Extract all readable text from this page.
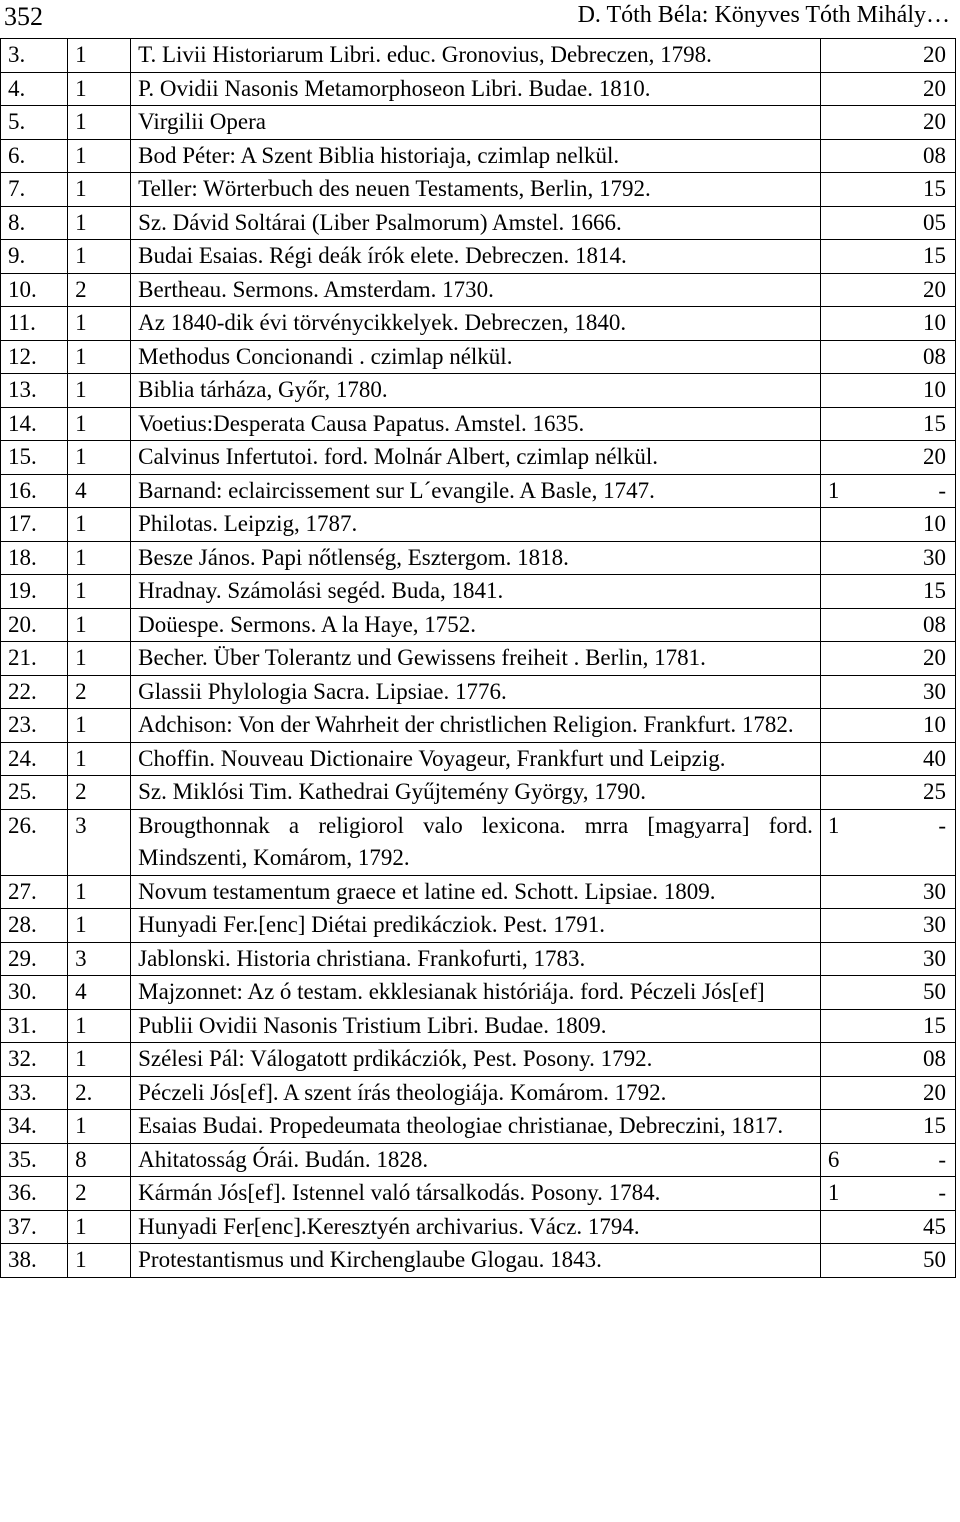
352	D. Tóth Béla: Könyves Tóth Mihály…
3.	1	T. Livii Historiarum Libri. educ. Gronovius, Debreczen, 1798.	20

4.	1	P. Ovidii Nasonis Metamorphoseon Libri. Budae. 1810.	20

5.	1	Virgilii Opera	20

6.	1	Bod Péter: A Szent Biblia historiaja, czimlap nelkül.	08

7.	1	Teller: Wörterbuch des neuen Testaments, Berlin, 1792.	15

8.	1	Sz. Dávid Soltárai (Liber Psalmorum) Amstel. 1666.	05

9.	1	Budai Esaias. Régi deák írók elete. Debreczen. 1814.	15

10.	2	Bertheau. Sermons. Amsterdam. 1730.	20

11.	1	Az 1840-dik évi törvénycikkelyek. Debreczen, 1840.	10

12.	1	Methodus Concionandi . czimlap nélkül.	08

13.	1	Biblia tárháza, Győr, 1780.	10

14.	1	Voetius:Desperata Causa Papatus. Amstel. 1635.	15

15.	1	Calvinus Infertutoi. ford. Molnár Albert, czimlap nélkül.	20

16.	4	Barnand: eclaircissement sur L´evangile. A Basle, 1747.	1 -

17.	1	Philotas. Leipzig, 1787.	10

18.	1	Besze János. Papi nőtlenség, Esztergom. 1818.	30

19.	1	Hradnay. Számolási segéd. Buda, 1841.	15

20.	1	Doüespe. Sermons. A la Haye, 1752.	08

21.	1	Becher. Über Tolerantz und Gewissens freiheit . Berlin, 1781.	20

22.	2	Glassii Phylologia Sacra. Lipsiae. 1776.	30

23.	1	Adchison: Von der Wahrheit der christlichen Religion. Frankfurt. 1782.	10

24.	1	Choffin. Nouveau Dictionaire Voyageur, Frankfurt und Leipzig.	40

25.	2	Sz. Miklósi Tim. Kathedrai Gyűjtemény György, 1790.	25

26.	3	Brougthonnak a religiorol valo lexicona. mrra [magyarra] ford. Mindszenti, Komárom, 1792.	1 -

27.	1	Novum testamentum graece et latine ed. Schott. Lipsiae. 1809.	30

28.	1	Hunyadi Fer.[enc] Diétai predikácziok. Pest. 1791.	30

29.	3	Jablonski. Historia christiana. Frankofurti, 1783.	30

30.	4	Majzonnet: Az ó testam. ekklesianak históriája. ford. Péczeli Jós[ef]	50

31.	1	Publii Ovidii Nasonis Tristium Libri. Budae. 1809.	15

32.	1	Szélesi Pál: Válogatott prdikácziók, Pest. Posony. 1792.	08

33.	2.	Péczeli Jós[ef]. A szent írás theologiája. Komárom. 1792.	20

34.	1	Esaias Budai. Propedeumata theologiae christianae, Debreczini, 1817.	15

35.	8	Ahitatosság Órái. Budán. 1828.	6 -

36.	2	Kármán Jós[ef]. Istennel való társalkodás. Posony. 1784.	1 -

37.	1	Hunyadi Fer[enc].Keresztyén archivarius. Vácz. 1794.	45

38.	1	Protestantismus und Kirchenglaube Glogau. 1843.	50
